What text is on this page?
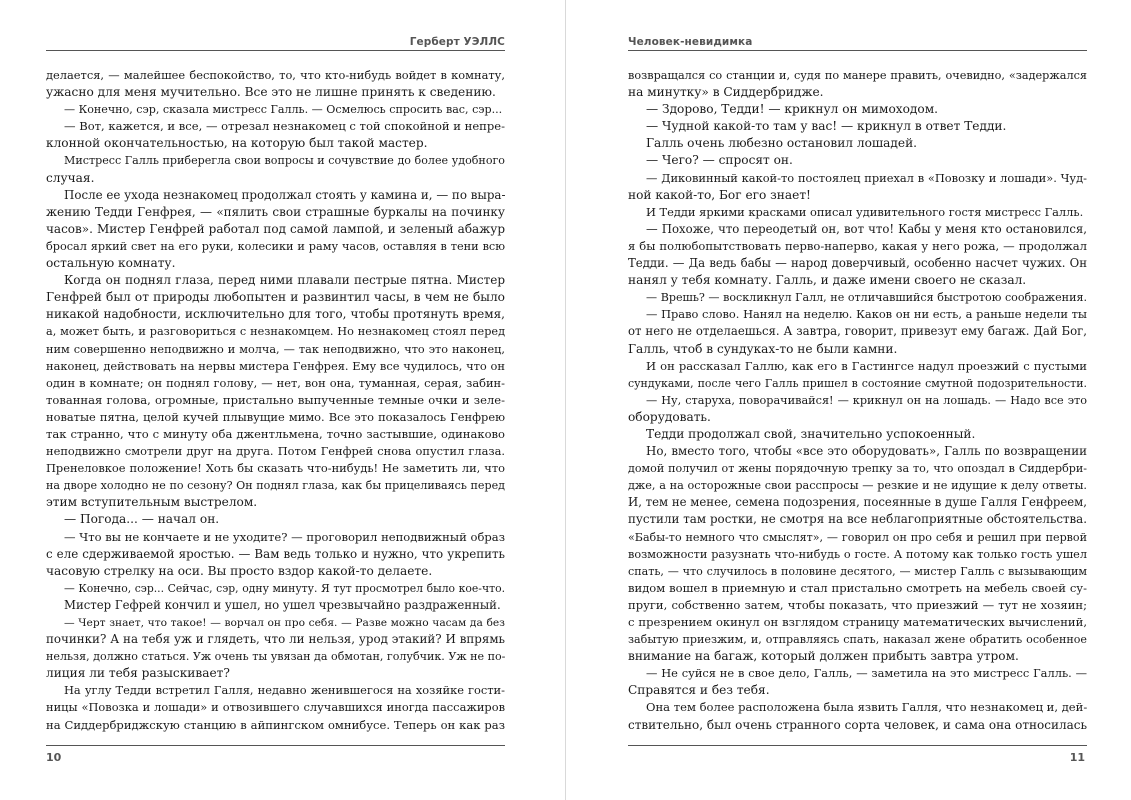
Герберт УЭЛЛС
делается, — малейшее беспокойство, то, что кто-нибудь войдет в комнату,
ужасно для меня мучительно. Все это не лишне принять к сведению.
— Конечно, сэр, сказала мистресс Галль. — Осмелюсь спросить вас, сэр...
— Вот, кажется, и все, — отрезал незнакомец с той спокойной и непре-
клонной окончательностью, на которую был такой мастер.
Мистресс Галль приберегла свои вопросы и сочувствие до более удобного
случая.
После ее ухода незнакомец продолжал стоять у камина и, — по выра-
жению Тедди Генфрея, — «пялить свои страшные буркалы на починку
часов». Мистер Генфрей работал под самой лампой, и зеленый абажур
бросал яркий свет на его руки, колесики и раму часов, оставляя в тени всю
остальную комнату.
Когда он поднял глаза, перед ними плавали пестрые пятна. Мистер
Генфрей был от природы любопытен и развинтил часы, в чем не было
никакой надобности, исключительно для того, чтобы протянуть время,
а, может быть, и разговориться с незнакомцем. Но незнакомец стоял перед
ним совершенно неподвижно и молча, — так неподвижно, что это наконец,
наконец, действовать на нервы мистера Генфрея. Ему все чудилось, что он
один в комнате; он поднял голову, — нет, вон она, туманная, серая, забин-
тованная голова, огромные, пристально выпученные темные очки и зеле-
новатые пятна, целой кучей плывущие мимо. Все это показалось Генфрею
так странно, что с минуту оба джентльмена, точно застывшие, одинаково
неподвижно смотрели друг на друга. Потом Генфрей снова опустил глаза.
Пренеловкое положение! Хоть бы сказать что-нибудь! Не заметить ли, что
на дворе холодно не по сезону? Он поднял глаза, как бы прицеливаясь перед
этим вступительным выстрелом.
— Погода... — начал он.
— Что вы не кончаете и не уходите? — проговорил неподвижный образ
с еле сдерживаемой яростью. — Вам ведь только и нужно, что укрепить
часовую стрелку на оси. Вы просто вздор какой-то делаете.
— Конечно, сэр... Сейчас, сэр, одну минуту. Я тут просмотрел было кое-что.
Мистер Гефрей кончил и ушел, но ушел чрезвычайно раздраженный.
— Черт знает, что такое! — ворчал он про себя. — Разве можно часам да без
починки? А на тебя уж и глядеть, что ли нельзя, урод этакий? И впрямь
нельзя, должно статься. Уж очень ты увязан да обмотан, голубчик. Уж не по-
лиция ли тебя разыскивает?
На углу Тедди встретил Галля, недавно женившегося на хозяйке гости-
ницы «Повозка и лошади» и отвозившего случавшихся иногда пассажиров
на Сиддербриджскую станцию в айпингском омнибусе. Теперь он как раз
10
Человек-невидимка
возвращался со станции и, судя по манере править, очевидно, «задержался
на минутку» в Сиддербридже.
— Здорово, Тедди! — крикнул он мимоходом.
— Чудной какой-то там у вас! — крикнул в ответ Тедди.
Галль очень любезно остановил лошадей.
— Чего? — спросят он.
— Диковинный какой-то постоялец приехал в «Повозку и лошади». Чуд-
ной какой-то, Бог его знает!
И Тедди яркими красками описал удивительного гостя мистресс Галль.
— Похоже, что переодетый он, вот что! Кабы у меня кто остановился,
я бы полюбопытствовать перво-наперво, какая у него рожа, — продолжал
Тедди. — Да ведь бабы — народ доверчивый, особенно насчет чужих. Он
нанял у тебя комнату. Галль, и даже имени своего не сказал.
— Врешь? — воскликнул Галл, не отличавшийся быстротою соображения.
— Право слово. Нанял на неделю. Каков он ни есть, а раньше недели ты
от него не отделаешься. А завтра, говорит, привезут ему багаж. Дай Бог,
Галль, чтоб в сундуках-то не были камни.
И он рассказал Галлю, как его в Гастингсе надул проезжий с пустыми
сундуками, после чего Галль пришел в состояние смутной подозрительности.
— Ну, старуха, поворачивайся! — крикнул он на лошадь. — Надо все это
оборудовать.
Тедди продолжал свой, значительно успокоенный.
Но, вместо того, чтобы «все это оборудовать», Галль по возвращении
домой получил от жены порядочную трепку за то, что опоздал в Сиддербри-
дже, а на осторожные свои расспросы — резкие и не идущие к делу ответы.
И, тем не менее, семена подозрения, посеянные в душе Галля Генфреем,
пустили там ростки, не смотря на все неблагоприятные обстоятельства.
«Бабы-то немного что смыслят», — говорил он про себя и решил при первой
возможности разузнать что-нибудь о госте. А потому как только гость ушел
спать, — что случилось в половине десятого, — мистер Галль с вызывающим
видом вошел в приемную и стал пристально смотреть на мебель своей су-
пруги, собственно затем, чтобы показать, что приезжий — тут не хозяин;
с презрением окинул он взглядом страницу математических вычислений,
забытую приезжим, и, отправляясь спать, наказал жене обратить особенное
внимание на багаж, который должен прибыть завтра утром.
— Не суйся не в свое дело, Галль, — заметила на это мистресс Галль. —
Справятся и без тебя.
Она тем более расположена была язвить Галля, что незнакомец и, дей-
ствительно, был очень странного сорта человек, и сама она относилась
11
